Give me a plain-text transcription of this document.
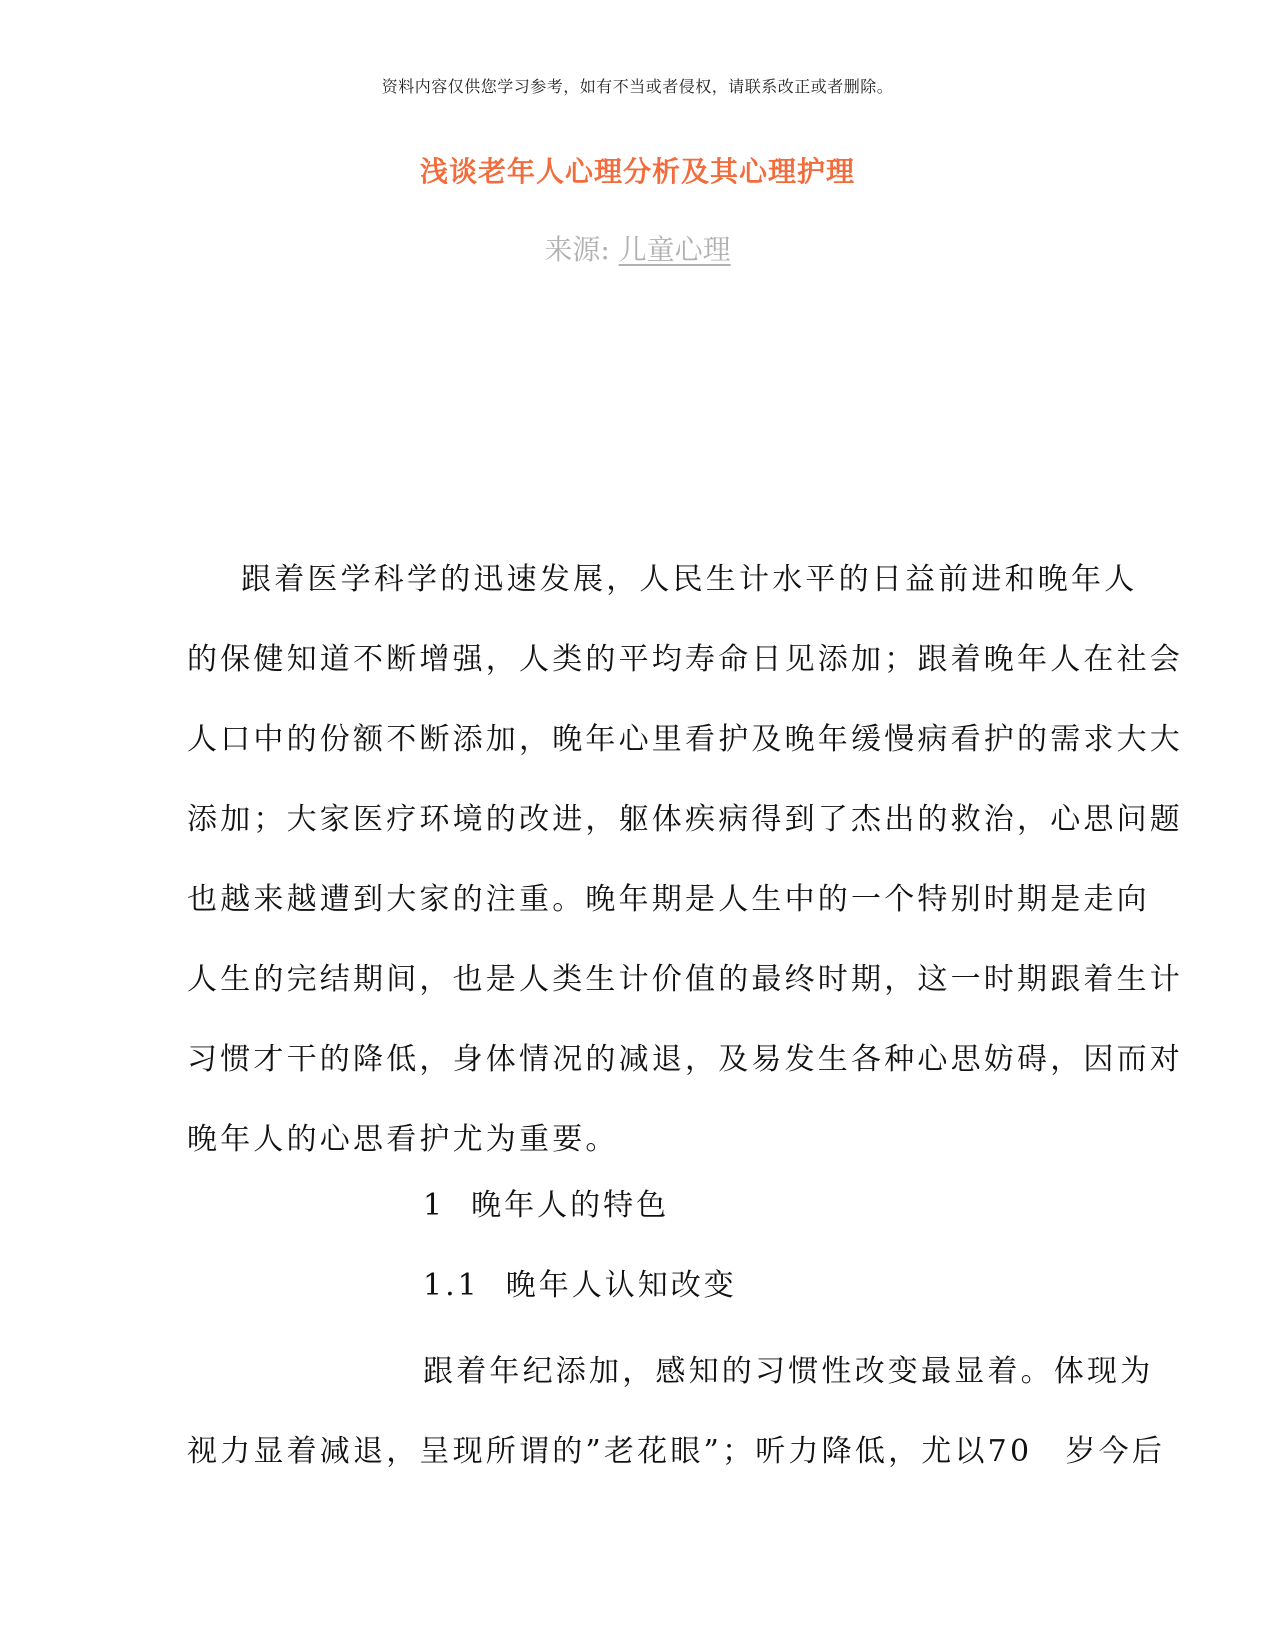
资料内容仅供您学习参考，如有不当或者侵权，请联系改正或者删除。
浅谈老年人心理分析及其心理护理
来源: 儿童心理
跟着医学科学的迅速发展，人民生计水平的日益前进和晚年人
的保健知道不断增强，人类的平均寿命日见添加；跟着晚年人在社会
人口中的份额不断添加，晚年心里看护及晚年缓慢病看护的需求大大
添加；大家医疗环境的改进，躯体疾病得到了杰出的救治，心思问题
也越来越遭到大家的注重。晚年期是人生中的一个特别时期是走向
人生的完结期间，也是人类生计价值的最终时期，这一时期跟着生计
习惯才干的降低，身体情况的减退，及易发生各种心思妨碍，因而对
晚年人的心思看护尤为重要。
1 晚年人的特色
1.1 晚年人认知改变
跟着年纪添加，感知的习惯性改变最显着。体现为
视力显着减退，呈现所谓的”老花眼”；听力降低，尤以70　岁今后
